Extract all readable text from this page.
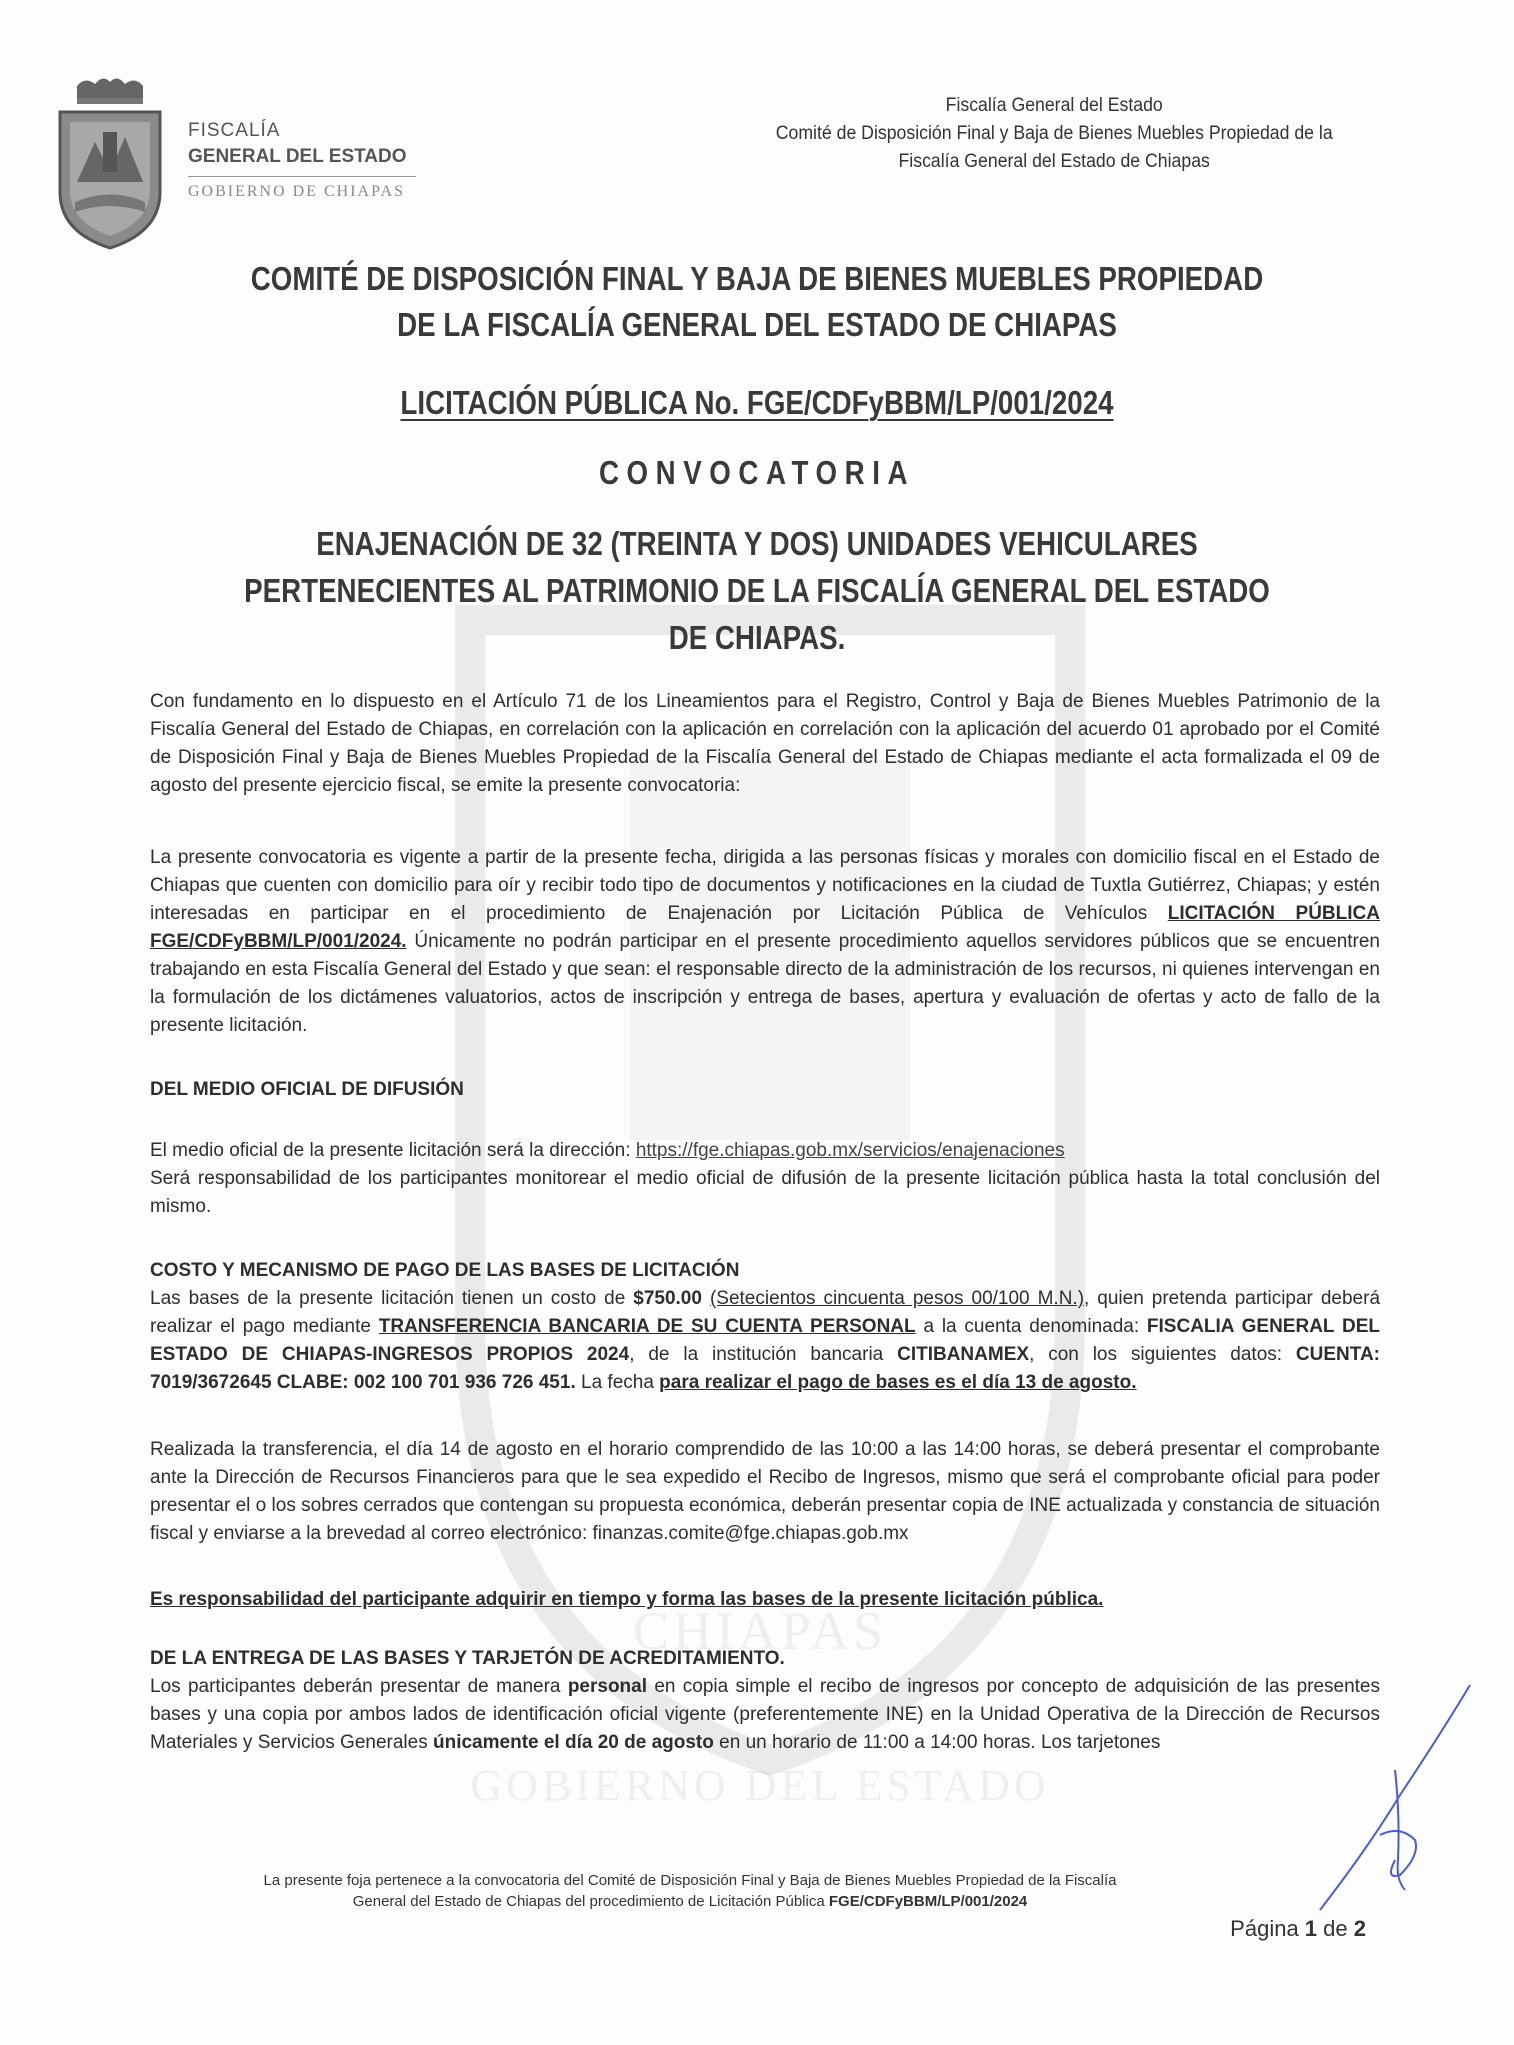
CHIAPAS
GOBIERNO DEL ESTADO
FISCALÍA
GENERAL DEL ESTADO
GOBIERNO DE CHIAPAS
Fiscalía General del Estado
Comité de Disposición Final y Baja de Bienes Muebles Propiedad de la
Fiscalía General del Estado de Chiapas
COMITÉ DE DISPOSICIÓN FINAL Y BAJA DE BIENES MUEBLES PROPIEDAD
DE LA FISCALÍA GENERAL DEL ESTADO DE CHIAPAS
LICITACIÓN PÚBLICA No. FGE/CDFyBBM/LP/001/2024
CONVOCATORIA
ENAJENACIÓN DE 32 (TREINTA Y DOS) UNIDADES VEHICULARES
PERTENECIENTES AL PATRIMONIO DE LA FISCALÍA GENERAL DEL ESTADO
DE CHIAPAS.

Con fundamento en lo dispuesto en el Artículo 71 de los Lineamientos para el Registro, Control y Baja de Bienes Muebles Patrimonio de la Fiscalía General del Estado de Chiapas, en correlación con la aplicación en correlación con la aplicación del acuerdo 01 aprobado por el Comité de Disposición Final y Baja de Bienes Muebles Propiedad de la Fiscalía General del Estado de Chiapas mediante el acta formalizada el 09 de agosto del presente ejercicio fiscal, se emite la presente convocatoria:

La presente convocatoria es vigente a partir de la presente fecha, dirigida a las personas físicas y morales con domicilio fiscal en el Estado de Chiapas que cuenten con domicilio para oír y recibir todo tipo de documentos y notificaciones en la ciudad de Tuxtla Gutiérrez, Chiapas; y estén interesadas en participar en el procedimiento de Enajenación por Licitación Pública de Vehículos LICITACIÓN PÚBLICA FGE/CDFyBBM/LP/001/2024. Únicamente no podrán participar en el presente procedimiento aquellos servidores públicos que se encuentren trabajando en esta Fiscalía General del Estado y que sean: el responsable directo de la administración de los recursos, ni quienes intervengan en la formulación de los dictámenes valuatorios, actos de inscripción y entrega de bases, apertura y evaluación de ofertas y acto de fallo de la presente licitación.

DEL MEDIO OFICIAL DE DIFUSIÓN

El medio oficial de la presente licitación será la dirección: https://fge.chiapas.gob.mx/servicios/enajenaciones

Será responsabilidad de los participantes monitorear el medio oficial de difusión de la presente licitación pública hasta la total conclusión del mismo.

COSTO Y MECANISMO DE PAGO DE LAS BASES DE LICITACIÓN

Las bases de la presente licitación tienen un costo de $750.00 (Setecientos cincuenta pesos 00/100 M.N.), quien pretenda participar deberá realizar el pago mediante TRANSFERENCIA BANCARIA DE SU CUENTA PERSONAL a la cuenta denominada: FISCALIA GENERAL DEL ESTADO DE CHIAPAS-INGRESOS PROPIOS 2024, de la institución bancaria CITIBANAMEX, con los siguientes datos: CUENTA: 7019/3672645 CLABE: 002 100 701 936 726 451. La fecha para realizar el pago de bases es el día 13 de agosto.

Realizada la transferencia, el día 14 de agosto en el horario comprendido de las 10:00 a las 14:00 horas, se deberá presentar el comprobante ante la Dirección de Recursos Financieros para que le sea expedido el Recibo de Ingresos, mismo que será el comprobante oficial para poder presentar el o los sobres cerrados que contengan su propuesta económica, deberán presentar copia de INE actualizada y constancia de situación fiscal y enviarse a la brevedad al correo electrónico: finanzas.comite@fge.chiapas.gob.mx

Es responsabilidad del participante adquirir en tiempo y forma las bases de la presente licitación pública.
DE LA ENTREGA DE LAS BASES Y TARJETÓN DE ACREDITAMIENTO.

Los participantes deberán presentar de manera personal en copia simple el recibo de ingresos por concepto de adquisición de las presentes bases y una copia por ambos lados de identificación oficial vigente (preferentemente INE) en la Unidad Operativa de la Dirección de Recursos Materiales y Servicios Generales únicamente el día 20 de agosto en un horario de 11:00 a 14:00 horas. Los tarjetones

La presente foja pertenece a la convocatoria del Comité de Disposición Final y Baja de Bienes Muebles Propiedad de la Fiscalía
General del Estado de Chiapas del procedimiento de Licitación Pública FGE/CDFyBBM/LP/001/2024
Página 1 de 2
